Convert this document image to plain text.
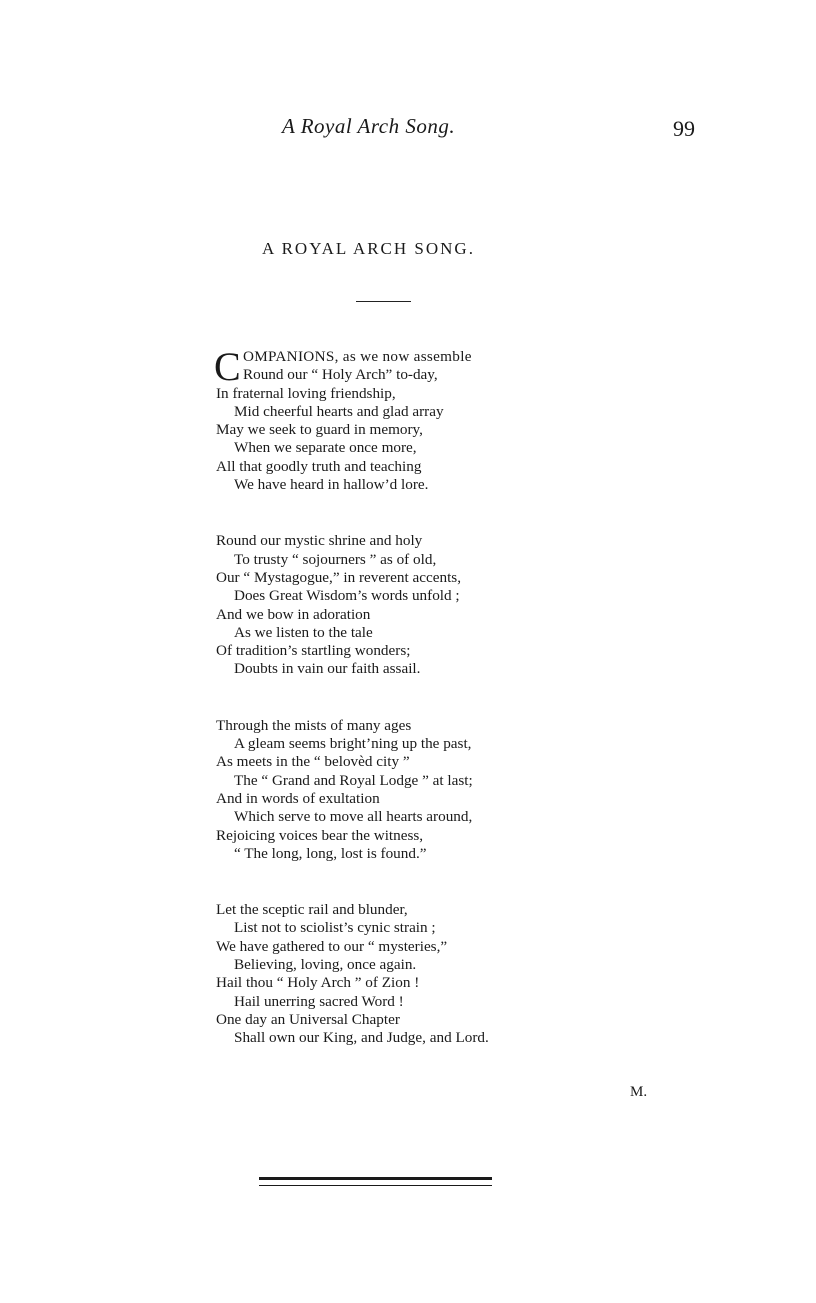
A Royal Arch Song.	99
A ROYAL ARCH SONG.
COMPANIONS, as we now assemble
Round our “ Holy Arch” to-day,
In fraternal loving friendship,
Mid cheerful hearts and glad array
May we seek to guard in memory,
When we separate once more,
All that goodly truth and teaching
We have heard in hallow’d lore.
Round our mystic shrine and holy
To trusty “ sojourners ” as of old,
Our “ Mystagogue,” in reverent accents,
Does Great Wisdom’s words unfold ;
And we bow in adoration
As we listen to the tale
Of tradition’s startling wonders;
Doubts in vain our faith assail.
Through the mists of many ages
A gleam seems bright’ning up the past,
As meets in the “ belovèd city ”
The “ Grand and Royal Lodge ” at last;
And in words of exultation
Which serve to move all hearts around,
Rejoicing voices bear the witness,
“ The long, long, lost is found.”
Let the sceptic rail and blunder,
List not to sciolist’s cynic strain ;
We have gathered to our “ mysteries,”
Believing, loving, once again.
Hail thou “ Holy Arch ” of Zion !
Hail unerring sacred Word !
One day an Universal Chapter
Shall own our King, and Judge, and Lord.
M.
